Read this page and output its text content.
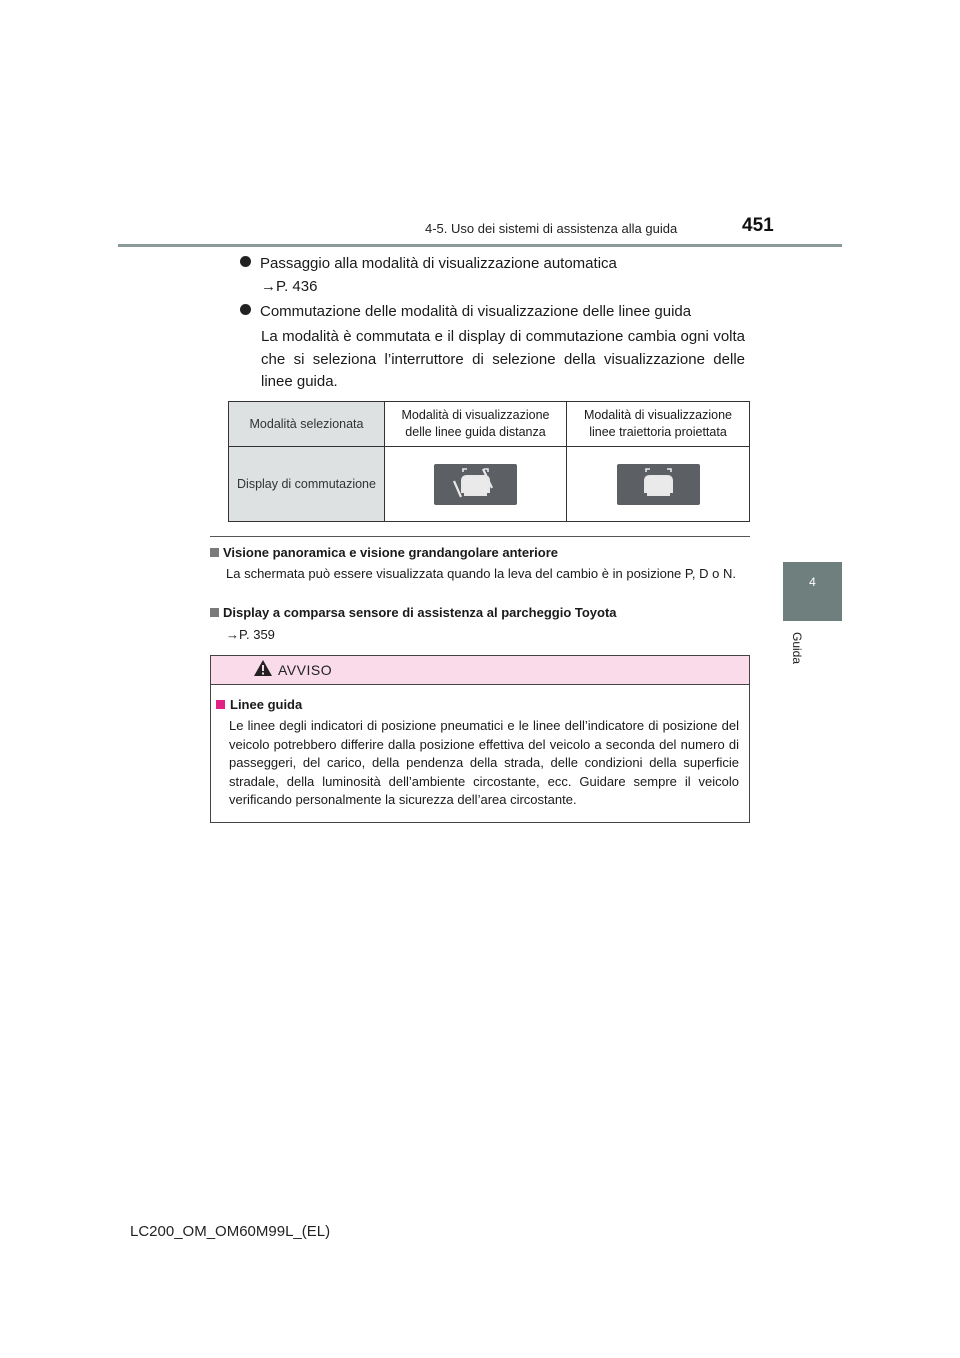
4-5. Uso dei sistemi di assistenza alla guida	451
4
Guida
Passaggio alla modalità di visualizzazione automatica
→P. 436
Commutazione delle modalità di visualizzazione delle linee guida
La modalità è commutata e il display di commutazione cambia ogni volta che si seleziona l’interruttore di selezione della visualizzazione delle linee guida.
Modalità selezionata	Modalità di visualizzazione delle linee guida distanza	Modalità di visualizzazione linee traiettoria proiettata
Display di commutazione	

Visione panoramica e visione grandangolare anteriore
La schermata può essere visualizzata quando la leva del cambio è in posizione P, D o N.
Display a comparsa sensore di assistenza al parcheggio Toyota
→P. 359
AVVISO
Linee guida
Le linee degli indicatori di posizione pneumatici e le linee dell’indicatore di posizione del veicolo potrebbero differire dalla posizione effettiva del veicolo a seconda del numero di passeggeri, del carico, della pendenza della strada, delle condizioni della superficie stradale, della luminosità dell’ambiente circostante, ecc. Guidare sempre il veicolo verificando personalmente la sicurezza dell’area circostante.
LC200_OM_OM60M99L_(EL)
